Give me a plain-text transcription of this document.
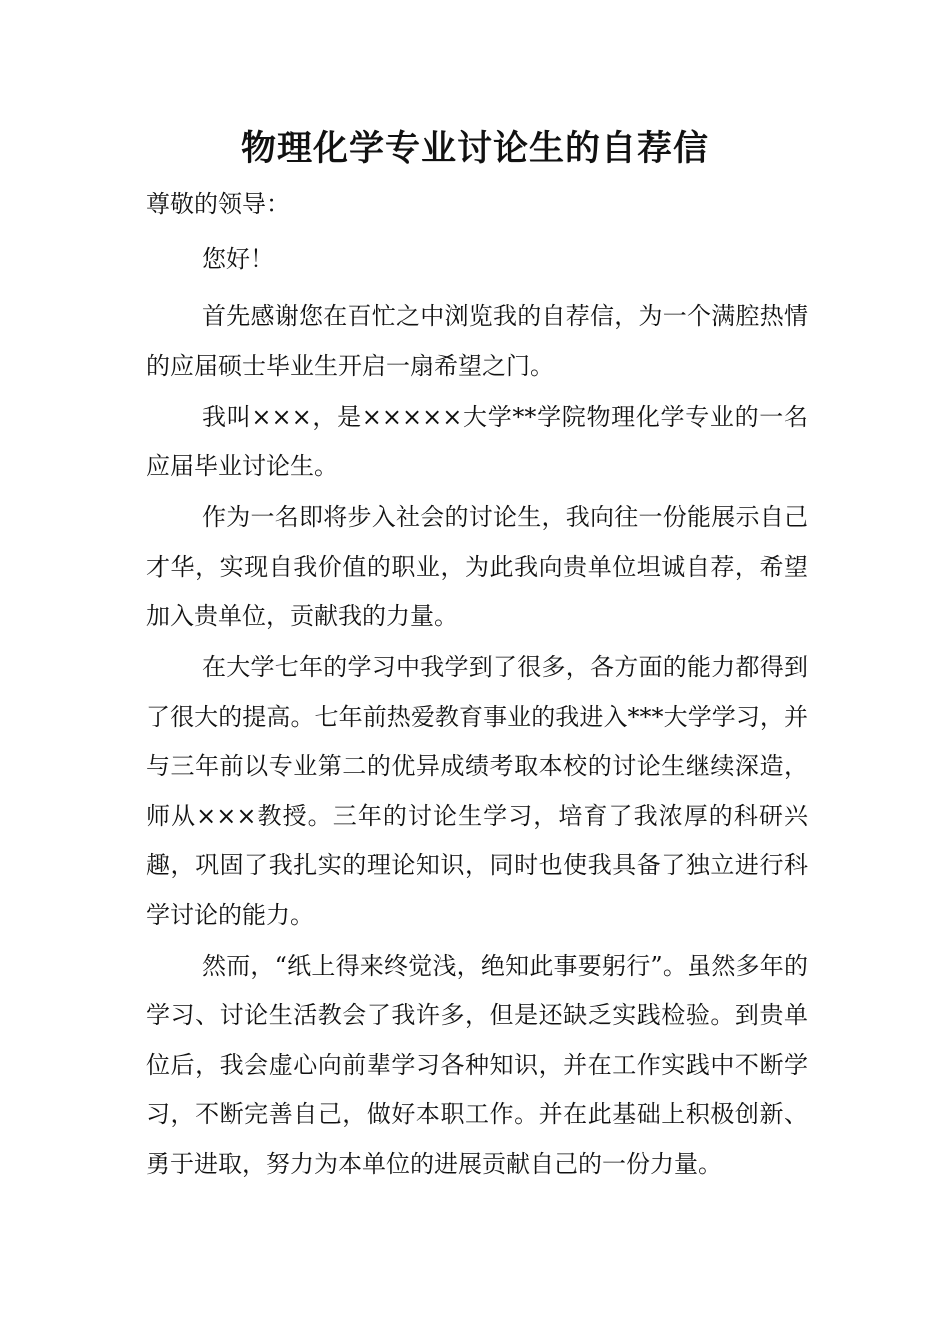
物理化学专业讨论生的自荐信

尊敬的领导：

您好！

首先感谢您在百忙之中浏览我的自荐信，为一个满腔热情的应届硕士毕业生开启一扇希望之门。

我叫×××，是×××××大学**学院物理化学专业的一名应届毕业讨论生。

作为一名即将步入社会的讨论生，我向往一份能展示自己才华，实现自我价值的职业，为此我向贵单位坦诚自荐，希望加入贵单位，贡献我的力量。

在大学七年的学习中我学到了很多，各方面的能力都得到了很大的提高。七年前热爱教育事业的我进入***大学学习，并与三年前以专业第二的优异成绩考取本校的讨论生继续深造，师从×××教授。三年的讨论生学习，培育了我浓厚的科研兴趣，巩固了我扎实的理论知识，同时也使我具备了独立进行科学讨论的能力。

然而，“纸上得来终觉浅，绝知此事要躬行”。虽然多年的学习、讨论生活教会了我许多，但是还缺乏实践检验。到贵单位后，我会虚心向前辈学习各种知识，并在工作实践中不断学习，不断完善自己，做好本职工作。并在此基础上积极创新、勇于进取，努力为本单位的进展贡献自己的一份力量。
